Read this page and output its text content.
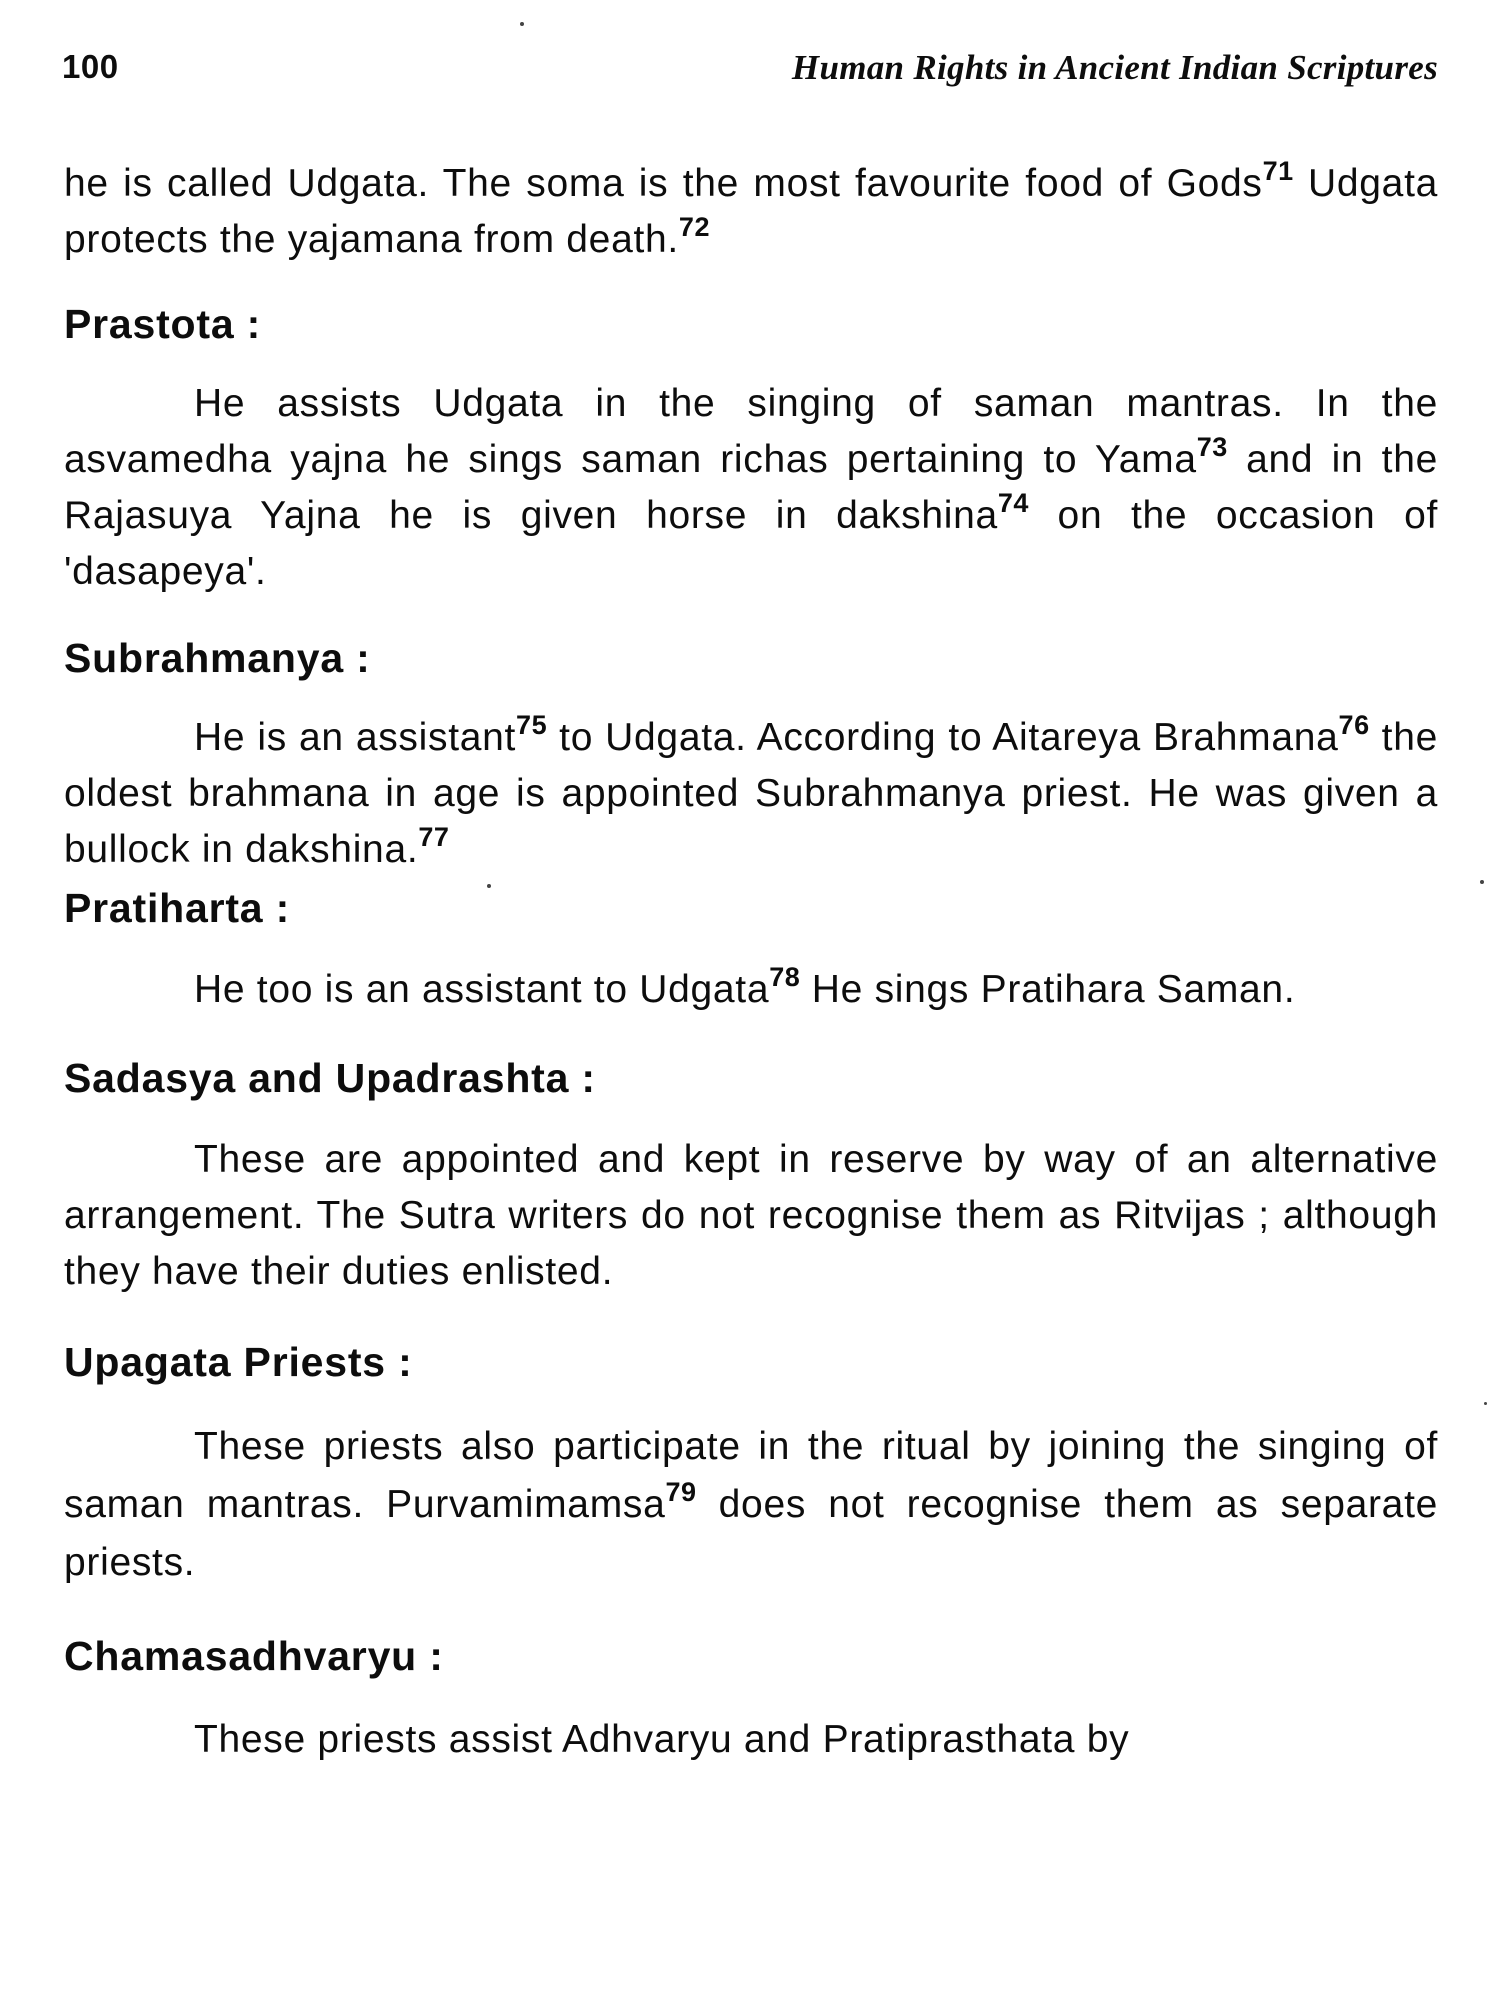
100	Human Rights in Ancient Indian Scriptures

he is called Udgata. The soma is the most favourite food of Gods$^{71}$ Udgata protects the yajamana from death.$^{72}$

Prastota :

He assists Udgata in the singing of saman mantras. In the asvamedha yajna he sings saman richas pertaining to Yama$^{73}$ and in the Rajasuya Yajna he is given horse in dakshina$^{74}$ on the occasion of 'dasapeya'.

Subrahmanya :

He is an assistant$^{75}$ to Udgata. According to Aitareya Brahmana$^{76}$ the oldest brahmana in age is appointed Subrahmanya priest. He was given a bullock in dakshina.$^{77}$

Pratiharta :

He too is an assistant to Udgata$^{78}$ He sings Pratihara Saman.

Sadasya and Upadrashta :

These are appointed and kept in reserve by way of an alternative arrangement. The Sutra writers do not recognise them as Ritvijas ; although they have their duties enlisted.

Upagata Priests :

These priests also participate in the ritual by joining the singing of saman mantras. Purvamimamsa$^{79}$ does not recognise them as separate priests.

Chamasadhvaryu :

These priests assist Adhvaryu and Pratiprasthata by
